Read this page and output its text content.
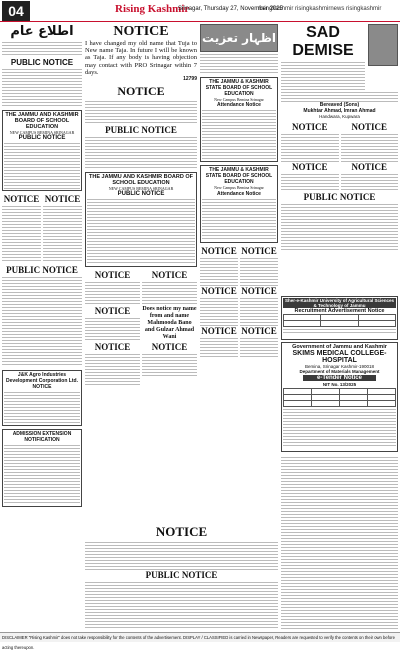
04	Rising Kashmir
Srinagar, Thursday 27, November 2025
risingkashmir risingkashmirnews risingkashmir
اطلاع عام
PUBLIC NOTICE
THE JAMMU AND KASHMIR BOARD OF SCHOOL EDUCATION
NEW CAMPUS BEMINA SRINAGAR
PUBLIC NOTICE
NOTICE NOTICE
PUBLIC NOTICE
J&K Agro Industries Development Corporation Ltd.
NOTICE
ADMISSION EXTENSION NOTIFICATION
NOTICE
I have changed my old name that Tuja to New name Taja. In future I will be known as Taja. If any body is having objection may contact with PRO Srinagar within 7 days.
12799
NOTICE
PUBLIC NOTICE
THE JAMMU AND KASHMIR BOARD OF SCHOOL EDUCATION
NEW CAMPUS BEMINA SRINAGAR
PUBLIC NOTICE
NOTICE
NOTICE
NOTICE
NOTICE
Does notice my name from and name Mahmooda Bano and Gulzar Ahmad Wani
NOTICE
اظہار تعزیت
THE JAMMU & KASHMIR STATE BOARD OF SCHOOL EDUCATION
New Campus Bemina Srinagar
Attendance Notice
THE JAMMU & KASHMIR STATE BOARD OF SCHOOL EDUCATION
New Campus Bemina Srinagar
Attendance Notice
NOTICE
NOTICE
NOTICE
NOTICE
NOTICE
NOTICE
SAD DEMISE
Bereaved (Sons)
Mukhtar Ahmad, Imran Ahmad
Handwara, Kupwara
NOTICE
NOTICE
NOTICE
NOTICE
PUBLIC NOTICE
Sher-e-Kashmir University of Agricultural Sciences & Technology of Jammu
Recruitment Advertisement Notice

Government of Jammu and Kashmir
SKIMS MEDICAL COLLEGE-HOSPITAL
Bemina, Srinagar Kashmir-190018
Department of Materials Management
e-Tender Notice
NIT No. 13/2025

NOTICE
PUBLIC NOTICE
DISCLAIMER "Rising Kashmir" does not take responsibility for the contents of the advertisement. DISPLAY / CLASSIFIED is carried in Newspaper, Readers are requested to verify the contents on their own before acting thereupon.
